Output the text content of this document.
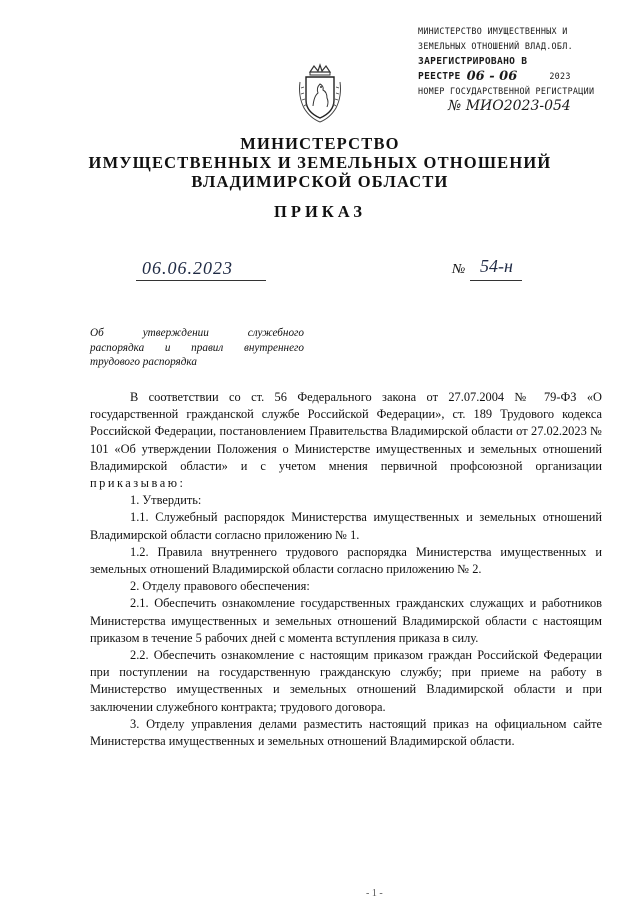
МИНИСТЕРСТВО ИМУЩЕСТВЕННЫХ И
ЗЕМЕЛЬНЫХ ОТНОШЕНИЙ ВЛАД.ОБЛ.
ЗАРЕГИСТРИРОВАНО В
РЕЕСТРЕ 06 - 06	2023
НОМЕР ГОСУДАРСТВЕННОЙ РЕГИСТРАЦИИ
№ МИО2023-054
МИНИСТЕРСТВО
ИМУЩЕСТВЕННЫХ И ЗЕМЕЛЬНЫХ ОТНОШЕНИЙ
ВЛАДИМИРСКОЙ ОБЛАСТИ
ПРИКАЗ
06.06.2023	№ 54-н
Об утверждении служебного
распорядка и правил внутреннего
трудового распорядка
В соответствии со ст. 56 Федерального закона от 27.07.2004 № 79-ФЗ «О государственной гражданской службе Российской Федерации», ст. 189 Трудового кодекса Российской Федерации, постановлением Правительства Владимирской области от 27.02.2023 № 101 «Об утверждении Положения о Министерстве имущественных и земельных отношений Владимирской области» и с учетом мнения первичной профсоюзной организации приказываю:
1. Утвердить:
1.1. Служебный распорядок Министерства имущественных и земельных отношений Владимирской области согласно приложению № 1.
1.2. Правила внутреннего трудового распорядка Министерства имущественных и земельных отношений Владимирской области согласно приложению № 2.
2. Отделу правового обеспечения:
2.1. Обеспечить ознакомление государственных гражданских служащих и работников Министерства имущественных и земельных отношений Владимирской области с настоящим приказом в течение 5 рабочих дней с момента вступления приказа в силу.
2.2. Обеспечить ознакомление с настоящим приказом граждан Российской Федерации при поступлении на государственную гражданскую службу; при приеме на работу в Министерство имущественных и земельных отношений Владимирской области и при заключении служебного контракта; трудового договора.
3. Отделу управления делами разместить настоящий приказ на официальном сайте Министерства имущественных и земельных отношений Владимирской области.
- 1 -
